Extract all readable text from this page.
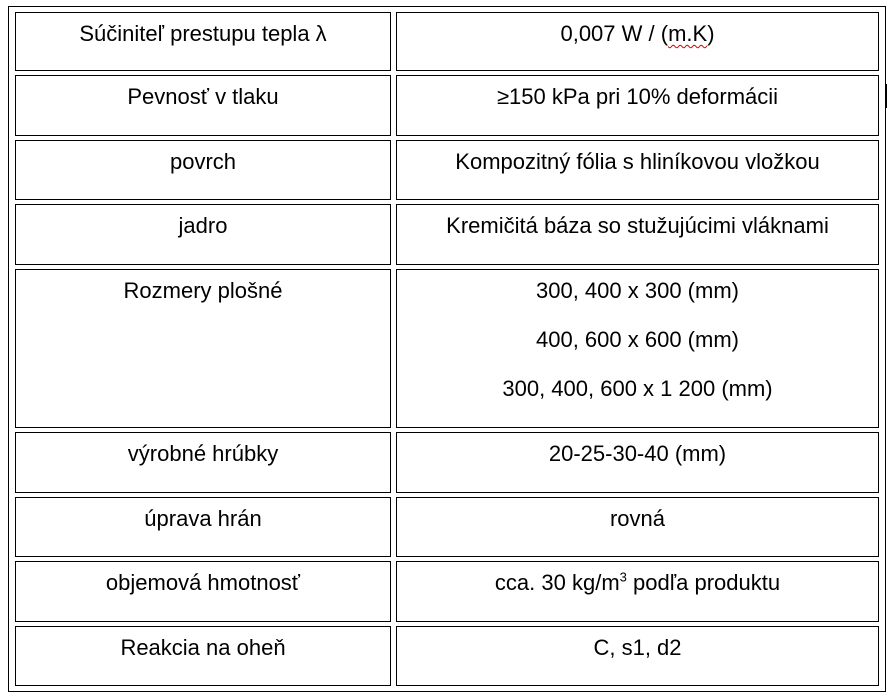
Súčiniteľ prestupu tepla λ	0,007 W / (m.K)
Pevnosť v tlaku	≥150 kPa pri 10% deformácii
povrch	Kompozitný fólia s hliníkovou vložkou
jadro	Kremičitá báza so stužujúcimi vláknami
Rozmery plošné	300, 400 x 300 (mm)
400, 600 x 600 (mm)
300, 400, 600 x 1 200 (mm)
výrobné hrúbky	20-25-30-40 (mm)
úprava hrán	rovná
objemová hmotnosť	cca. 30 $kg/m^3$ podľa produktu
Reakcia na oheň	C, s1, d2
